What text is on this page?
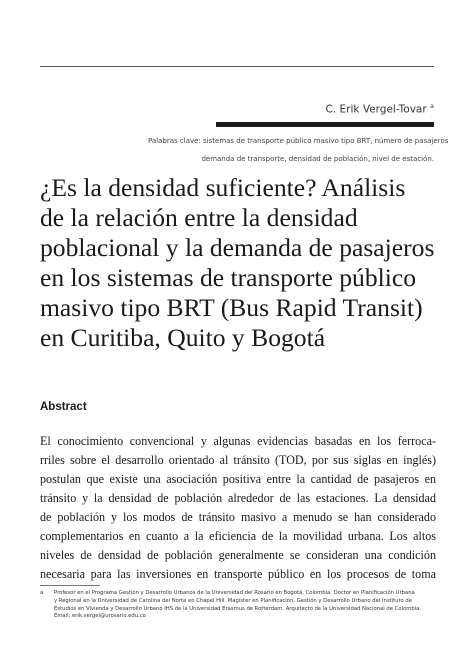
C. Erik Vergel-Tovar $^a$
Palabras clave: sistemas de transporte público masivo tipo BRT, número de pasajeros
demanda de transporte, densidad de población, nivel de estación.
¿Es la densidad suficiente? Análisis
de la relación entre la densidad
poblacional y la demanda de pasajeros
en los sistemas de transporte público
masivo tipo BRT (Bus Rapid Transit)
en Curitiba, Quito y Bogotá
Abstract
El conocimiento convencional y algunas evidencias basadas en los ferroca-
rriles sobre el desarrollo orientado al tránsito (TOD, por sus siglas en inglés)
postulan que existe una asociación positiva entre la cantidad de pasajeros en
tránsito y la densidad de población alrededor de las estaciones. La densidad
de población y los modos de tránsito masivo a menudo se han considerado
complementarios en cuanto a la eficiencia de la movilidad urbana. Los altos
niveles de densidad de población generalmente se consideran una condición
necesaria para las inversiones en transporte público en los procesos de toma
a Profesor en el Programa Gestión y Desarrollo Urbanos de la Universidad del Rosario en Bogotá, Colombia. Doctor en Planificación Urbana
y Regional en la Universidad de Carolina del Norte en Chapel Hill. Magíster en Planificación, Gestión y Desarrollo Urbano del Instituto de
Estudios en Vivienda y Desarrollo Urbano IHS de la Universidad Erasmus de Rotterdam. Arquitecto de la Universidad Nacional de Colombia.
Email: erik.vergel@urosario.edu.co
